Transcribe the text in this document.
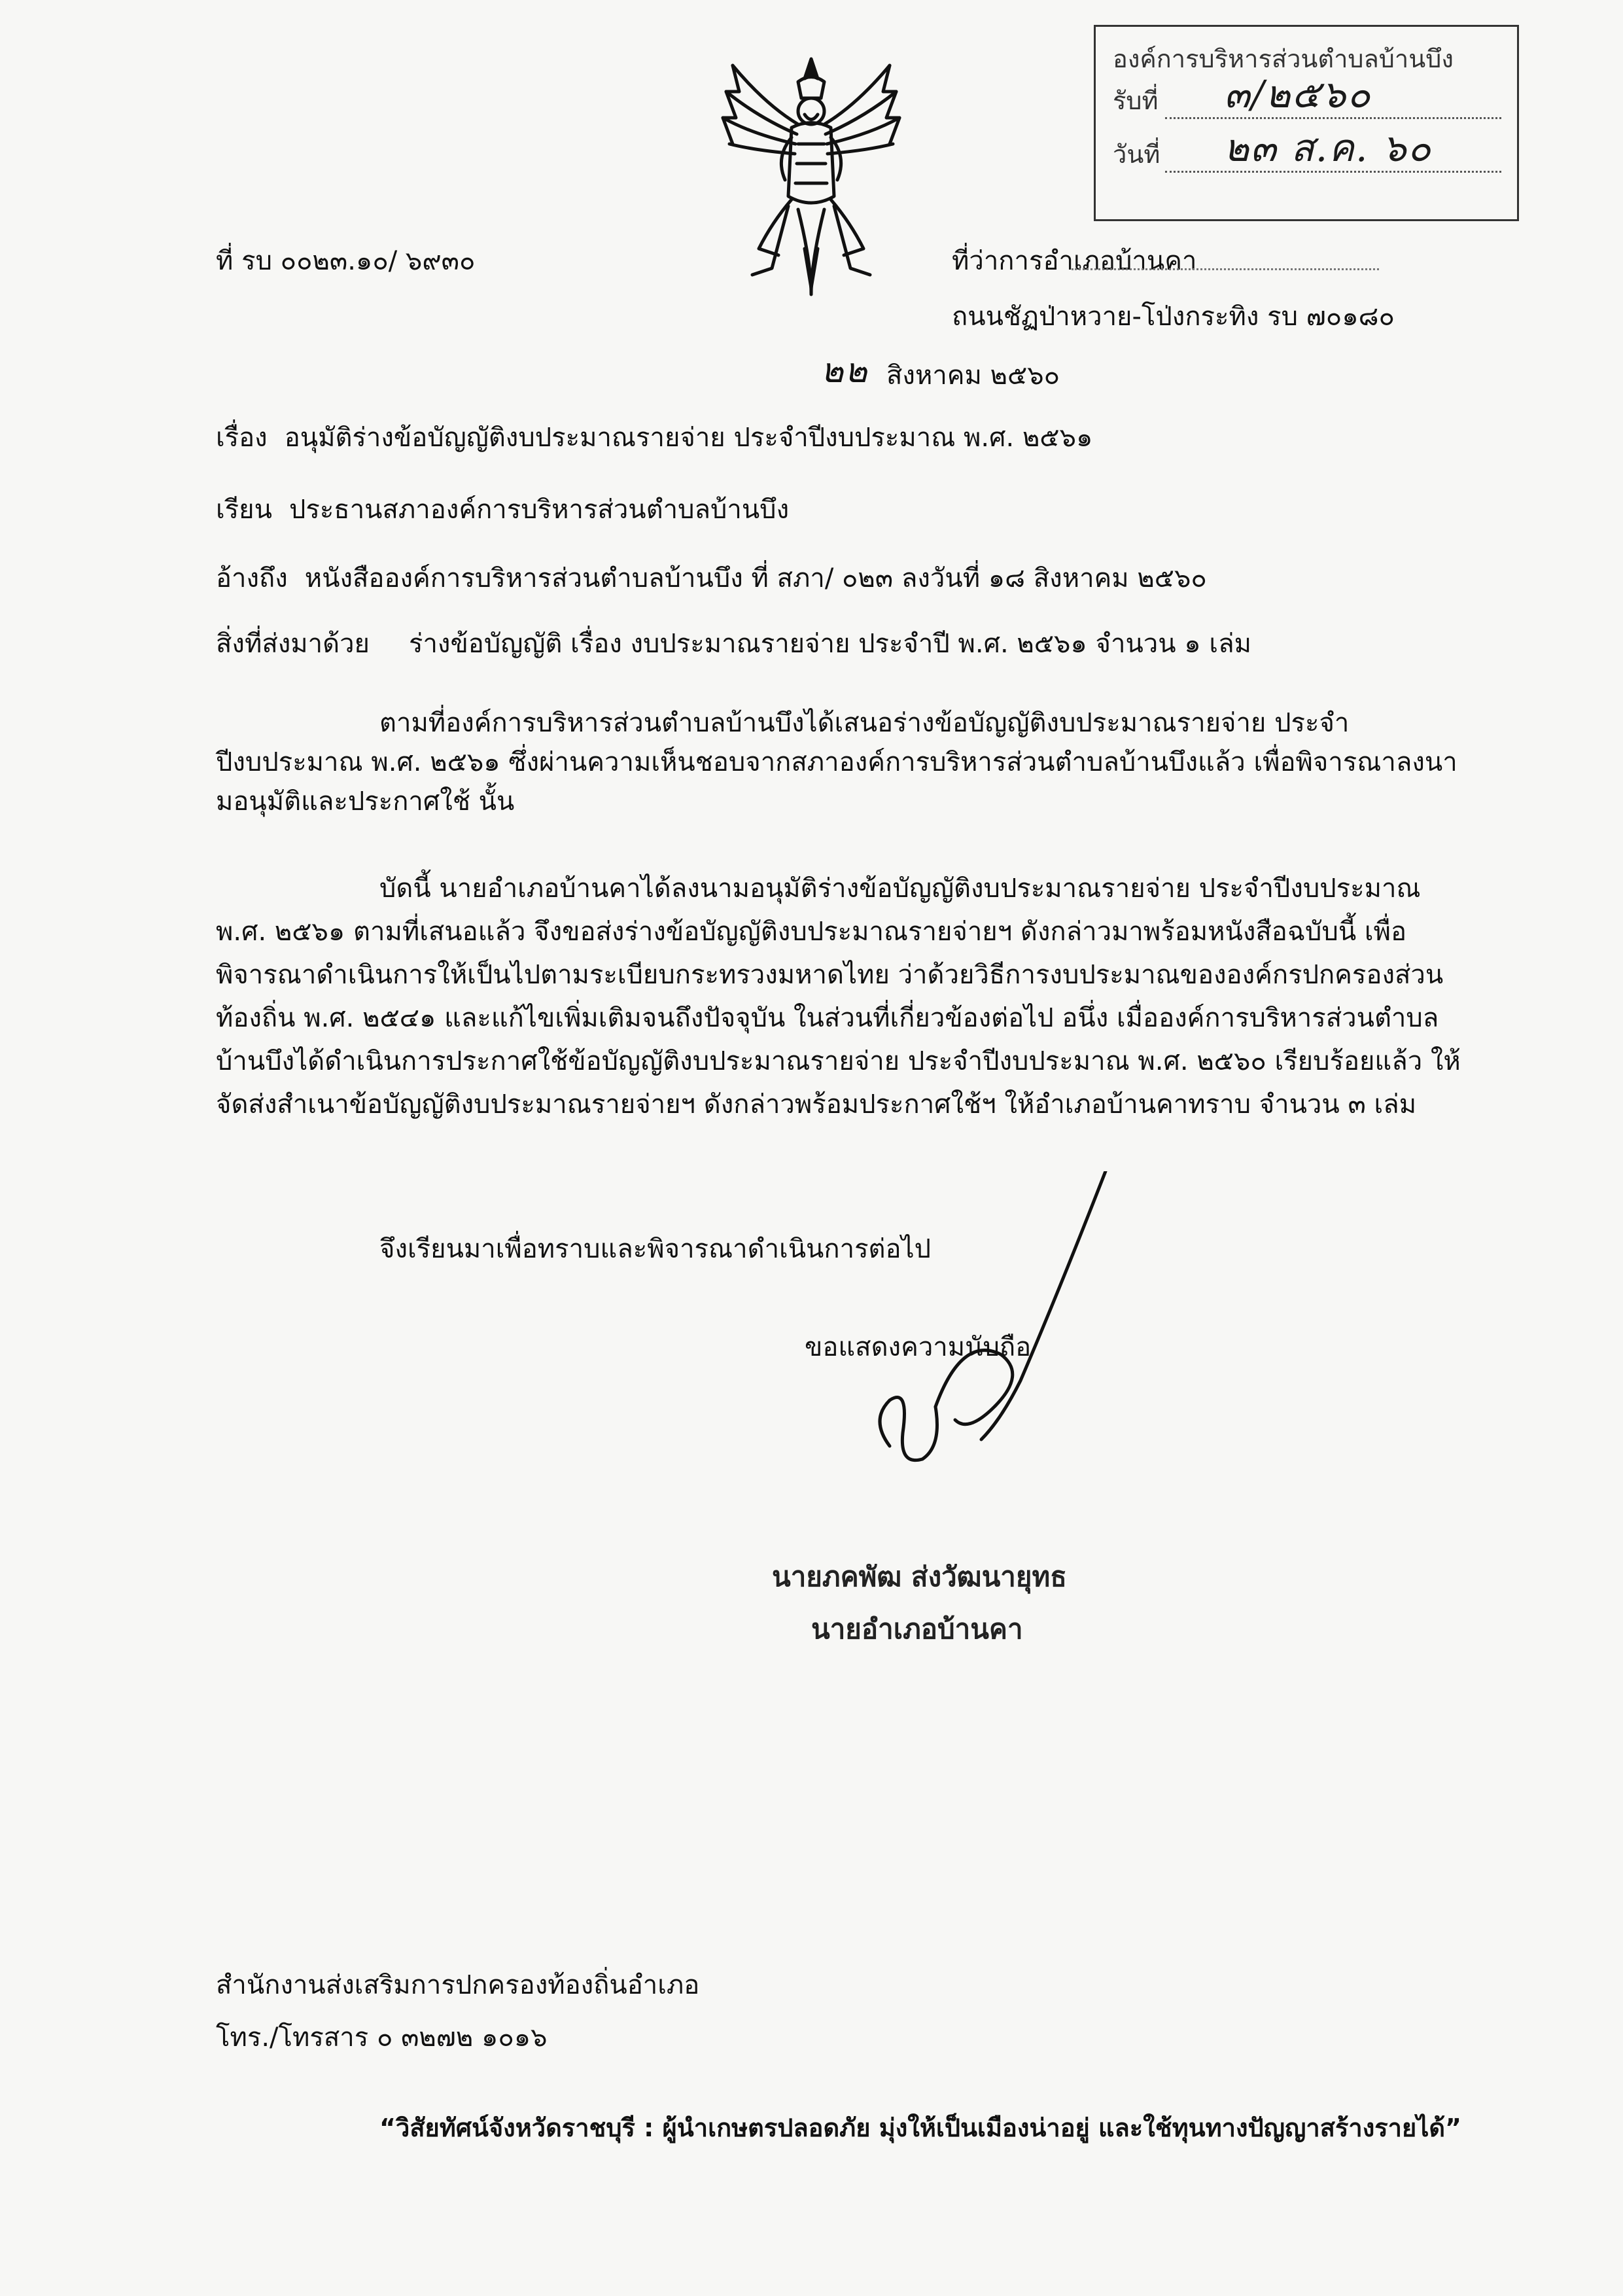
องค์การบริหารส่วนตำบลบ้านบึง
รับที่ ๓/๒๕๖๐
วันที่ ๒๓ ส.ค. ๖๐
ที่ รบ ๐๐๒๓.๑๐/ ๖๙๓๐	ที่ว่าการอำเภอบ้านคา
ถนนชัฏป่าหวาย-โป่งกระทิง รบ ๗๐๑๘๐
๒๒ สิงหาคม ๒๕๖๐
เรื่อง อนุมัติร่างข้อบัญญัติงบประมาณรายจ่าย ประจำปีงบประมาณ พ.ศ. ๒๕๖๑
เรียน ประธานสภาองค์การบริหารส่วนตำบลบ้านบึง
อ้างถึง หนังสือองค์การบริหารส่วนตำบลบ้านบึง ที่ สภา/ ๐๒๓ ลงวันที่ ๑๘ สิงหาคม ๒๕๖๐
สิ่งที่ส่งมาด้วย ร่างข้อบัญญัติ เรื่อง งบประมาณรายจ่าย ประจำปี พ.ศ. ๒๕๖๑ จำนวน ๑ เล่ม

ตามที่องค์การบริหารส่วนตำบลบ้านบึงได้เสนอร่างข้อบัญญัติงบประมาณรายจ่าย ประจำปีงบประมาณ พ.ศ. ๒๕๖๑ ซึ่งผ่านความเห็นชอบจากสภาองค์การบริหารส่วนตำบลบ้านบึงแล้ว เพื่อพิจารณาลงนามอนุมัติและประกาศใช้ นั้น

บัดนี้ นายอำเภอบ้านคาได้ลงนามอนุมัติร่างข้อบัญญัติงบประมาณรายจ่าย ประจำปีงบประมาณ พ.ศ. ๒๕๖๑ ตามที่เสนอแล้ว จึงขอส่งร่างข้อบัญญัติงบประมาณรายจ่ายฯ ดังกล่าวมาพร้อมหนังสือฉบับนี้ เพื่อพิจารณาดำเนินการให้เป็นไปตามระเบียบกระทรวงมหาดไทย ว่าด้วยวิธีการงบประมาณขององค์กรปกครองส่วนท้องถิ่น พ.ศ. ๒๕๔๑ และแก้ไขเพิ่มเติมจนถึงปัจจุบัน ในส่วนที่เกี่ยวข้องต่อไป อนึ่ง เมื่อองค์การบริหารส่วนตำบลบ้านบึงได้ดำเนินการประกาศใช้ข้อบัญญัติงบประมาณรายจ่าย ประจำปีงบประมาณ พ.ศ. ๒๕๖๐ เรียบร้อยแล้ว ให้จัดส่งสำเนาข้อบัญญัติงบประมาณรายจ่ายฯ ดังกล่าวพร้อมประกาศใช้ฯ ให้อำเภอบ้านคาทราบ จำนวน ๓ เล่ม

จึงเรียนมาเพื่อทราบและพิจารณาดำเนินการต่อไป
ขอแสดงความนับถือ
นายภคพัฒ ส่งวัฒนายุทธ
นายอำเภอบ้านคา
สำนักงานส่งเสริมการปกครองท้องถิ่นอำเภอ
โทร./โทรสาร ๐ ๓๒๗๒ ๑๐๑๖
“วิสัยทัศน์จังหวัดราชบุรี : ผู้นำเกษตรปลอดภัย มุ่งให้เป็นเมืองน่าอยู่ และใช้ทุนทางปัญญาสร้างรายได้”
